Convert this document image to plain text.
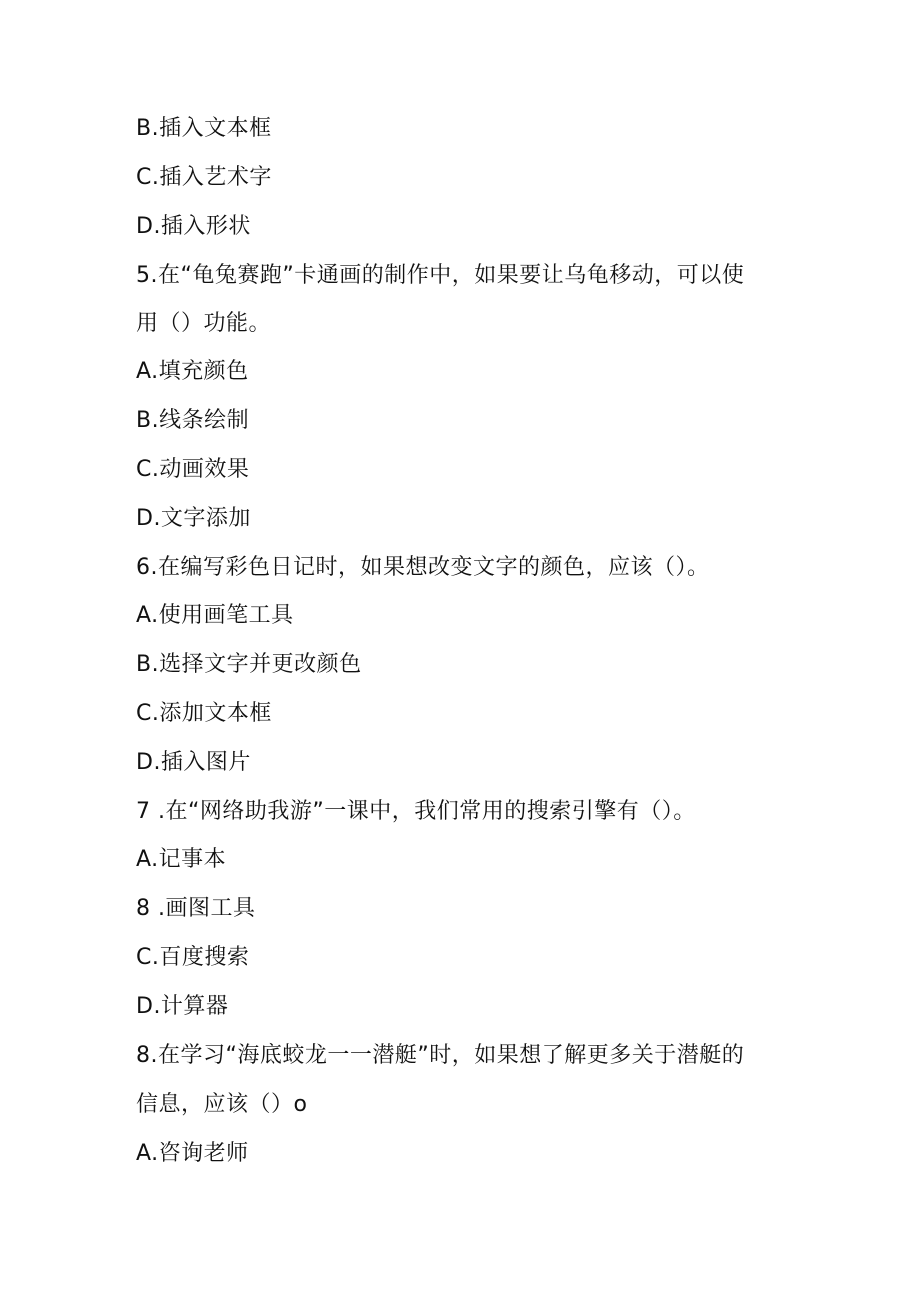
B.插入文本框
C.插入艺术字
D.插入形状
5.在“龟兔赛跑”卡通画的制作中，如果要让乌龟移动，可以使
用（）功能。
A.填充颜色
B.线条绘制
C.动画效果
D.文字添加
6.在编写彩色日记时，如果想改变文字的颜色，应该（）。
A.使用画笔工具
B.选择文字并更改颜色
C.添加文本框
D.插入图片
7 .在“网络助我游”一课中，我们常用的搜索引擎有（）。
A.记事本
8 .画图工具
C.百度搜索
D.计算器
8.在学习“海底蛟龙一一潜艇”时，如果想了解更多关于潜艇的
信息，应该（）o
A.咨询老师
